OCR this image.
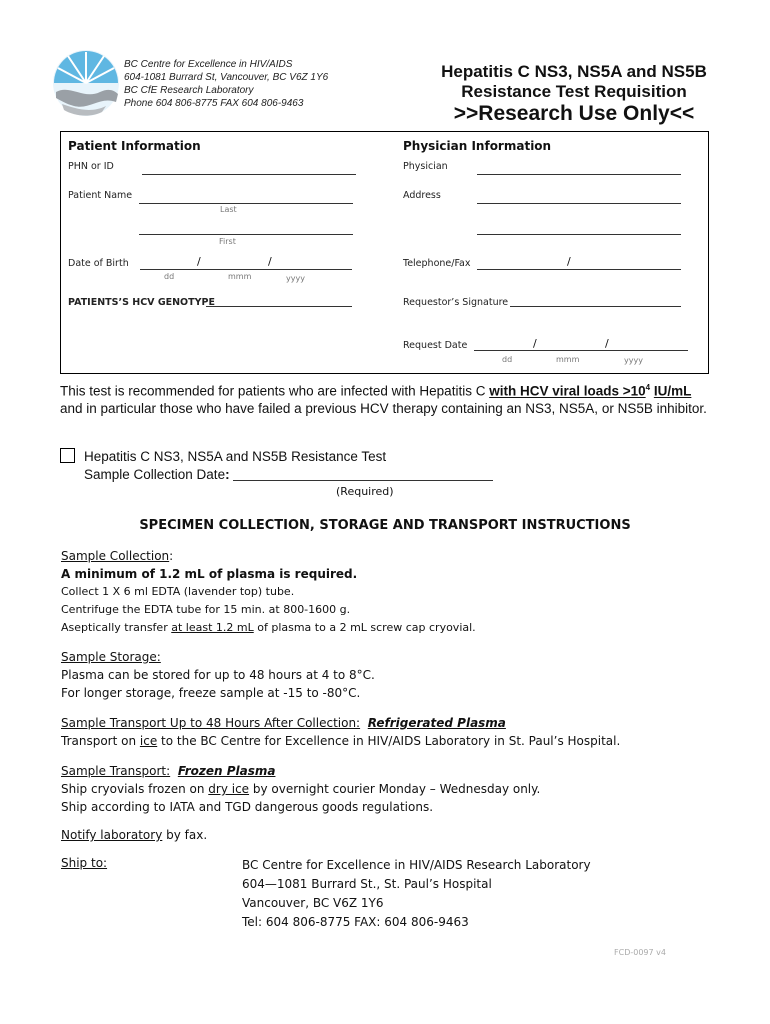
BC Centre for Excellence in HIV/AIDS
604-1081 Burrard St, Vancouver, BC V6Z 1Y6
BC CfE Research Laboratory
Phone 604 806-8775 FAX 604 806-9463
Hepatitis C NS3, NS5A and NS5B
Resistance Test Requisition
>>Research Use Only<<
Patient Information
PHN or ID
Patient Name
Last
First
Date of Birth	/	/
dd	mmm	yyyy
PATIENTS’S HCV GENOTYPE
Physician Information
Physician
Address
Telephone/Fax	/
Requestor’s Signature
Request Date	/	/
dd	mmm	yyyy
This test is recommended for patients who are infected with Hepatitis C with HCV viral loads $>10^4$ IU/mL and in particular those who have failed a previous HCV therapy containing an NS3, NS5A, or NS5B inhibitor.
Hepatitis C NS3, NS5A and NS5B Resistance Test
Sample Collection Date:
(Required)
SPECIMEN COLLECTION, STORAGE AND TRANSPORT INSTRUCTIONS
Sample Collection:
A minimum of 1.2 mL of plasma is required.
Collect 1 X 6 ml EDTA (lavender top) tube.
Centrifuge the EDTA tube for 15 min. at 800-1600 g.
Aseptically transfer at least 1.2 mL of plasma to a 2 mL screw cap cryovial.
Sample Storage:
Plasma can be stored for up to 48 hours at 4 to 8°C.
For longer storage, freeze sample at -15 to -80°C.
Sample Transport Up to 48 Hours After Collection: Refrigerated Plasma
Transport on ice to the BC Centre for Excellence in HIV/AIDS Laboratory in St. Paul’s Hospital.
Sample Transport: Frozen Plasma
Ship cryovials frozen on dry ice by overnight courier Monday – Wednesday only.
Ship according to IATA and TGD dangerous goods regulations.
Notify laboratory by fax.
Ship to:	BC Centre for Excellence in HIV/AIDS Research Laboratory
604—1081 Burrard St., St. Paul’s Hospital
Vancouver, BC V6Z 1Y6
Tel: 604 806-8775 FAX: 604 806-9463
FCD-0097 v4
